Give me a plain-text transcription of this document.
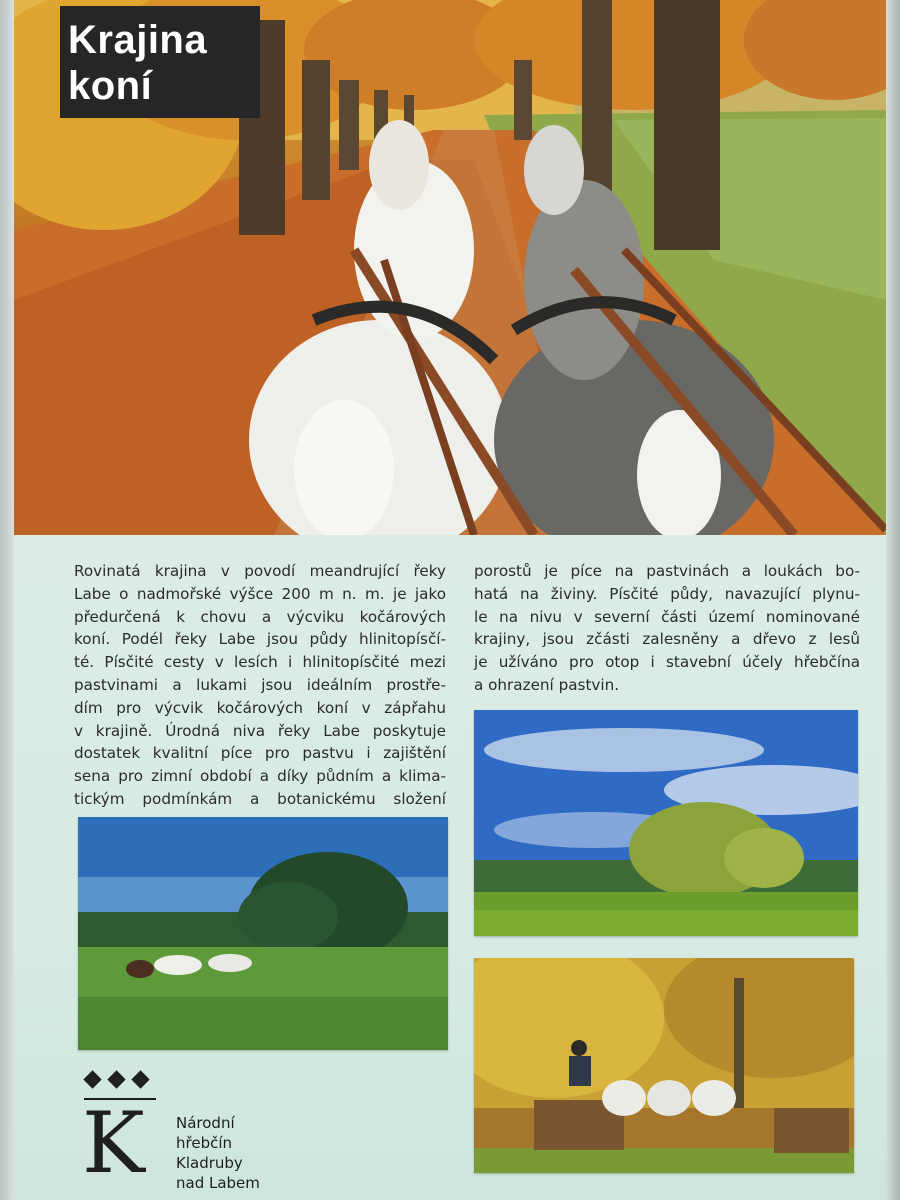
Krajina
koní
Rovinatá krajina v povodí meandrující řeky
Labe o nadmořské výšce 200 m n. m. je jako
předurčená k chovu a výcviku kočárových
koní. Podél řeky Labe jsou půdy hlinitopísčí-
té. Písčité cesty v lesích i hlinitopísčité mezi
pastvinami a lukami jsou ideálním prostře-
dím pro výcvik kočárových koní v zápřahu
v krajině. Úrodná niva řeky Labe poskytuje
dostatek kvalitní píce pro pastvu i zajištění
sena pro zimní období a díky půdním a klima-
tickým podmínkám a botanickému složení
porostů je píce na pastvinách a loukách bo-
hatá na živiny. Písčité půdy, navazující plynu-
le na nivu v severní části území nominované
krajiny, jsou zčásti zalesněny a dřevo z lesů
je užíváno pro otop i stavební účely hřebčína
a ohrazení pastvin.
K Národní
hřebčín
Kladruby
nad Labem
